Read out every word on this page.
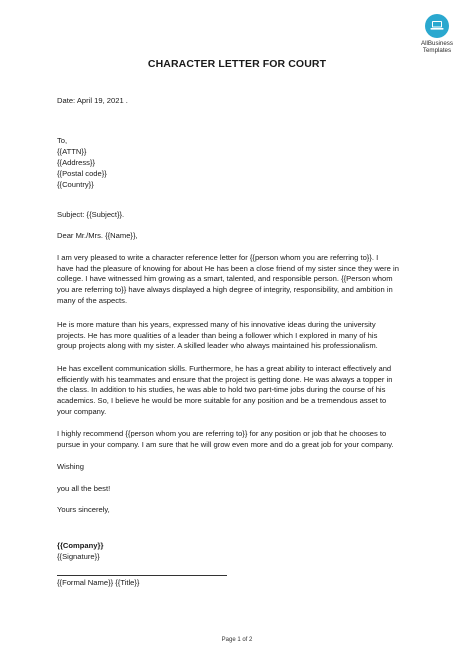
AllBusiness
Templates
CHARACTER LETTER FOR COURT
Date: April 19, 2021 .
To,
{{ATTN}}
{{Address}}
{{Postal code}}
{{Country}}
Subject: {{Subject}}.
Dear Mr./Mrs. {{Name}},
I am very pleased to write a character reference letter for {{person whom you are referring to}}. I
have had the pleasure of knowing for about He has been a close friend of my sister since they were in
college. I have witnessed him growing as a smart, talented, and responsible person. {{Person whom
you are referring to}} have always displayed a high degree of integrity, responsibility, and ambition in
many of the aspects.
He is more mature than his years, expressed many of his innovative ideas during the university
projects. He has more qualities of a leader than being a follower which I explored in many of his
group projects along with my sister. A skilled leader who always maintained his professionalism.
He has excellent communication skills. Furthermore, he has a great ability to interact effectively and
efficiently with his teammates and ensure that the project is getting done. He was always a topper in
the class. In addition to his studies, he was able to hold two part-time jobs during the course of his
academics. So, I believe he would be more suitable for any position and be a tremendous asset to
your company.
I highly recommend {{person whom you are referring to}} for any position or job that he chooses to
pursue in your company. I am sure that he will grow even more and do a great job for your company.
Wishing
you all the best!
Yours sincerely,
{{Company}}
{{Signature}}
{{Formal Name}} {{Title}}
Page 1 of 2
